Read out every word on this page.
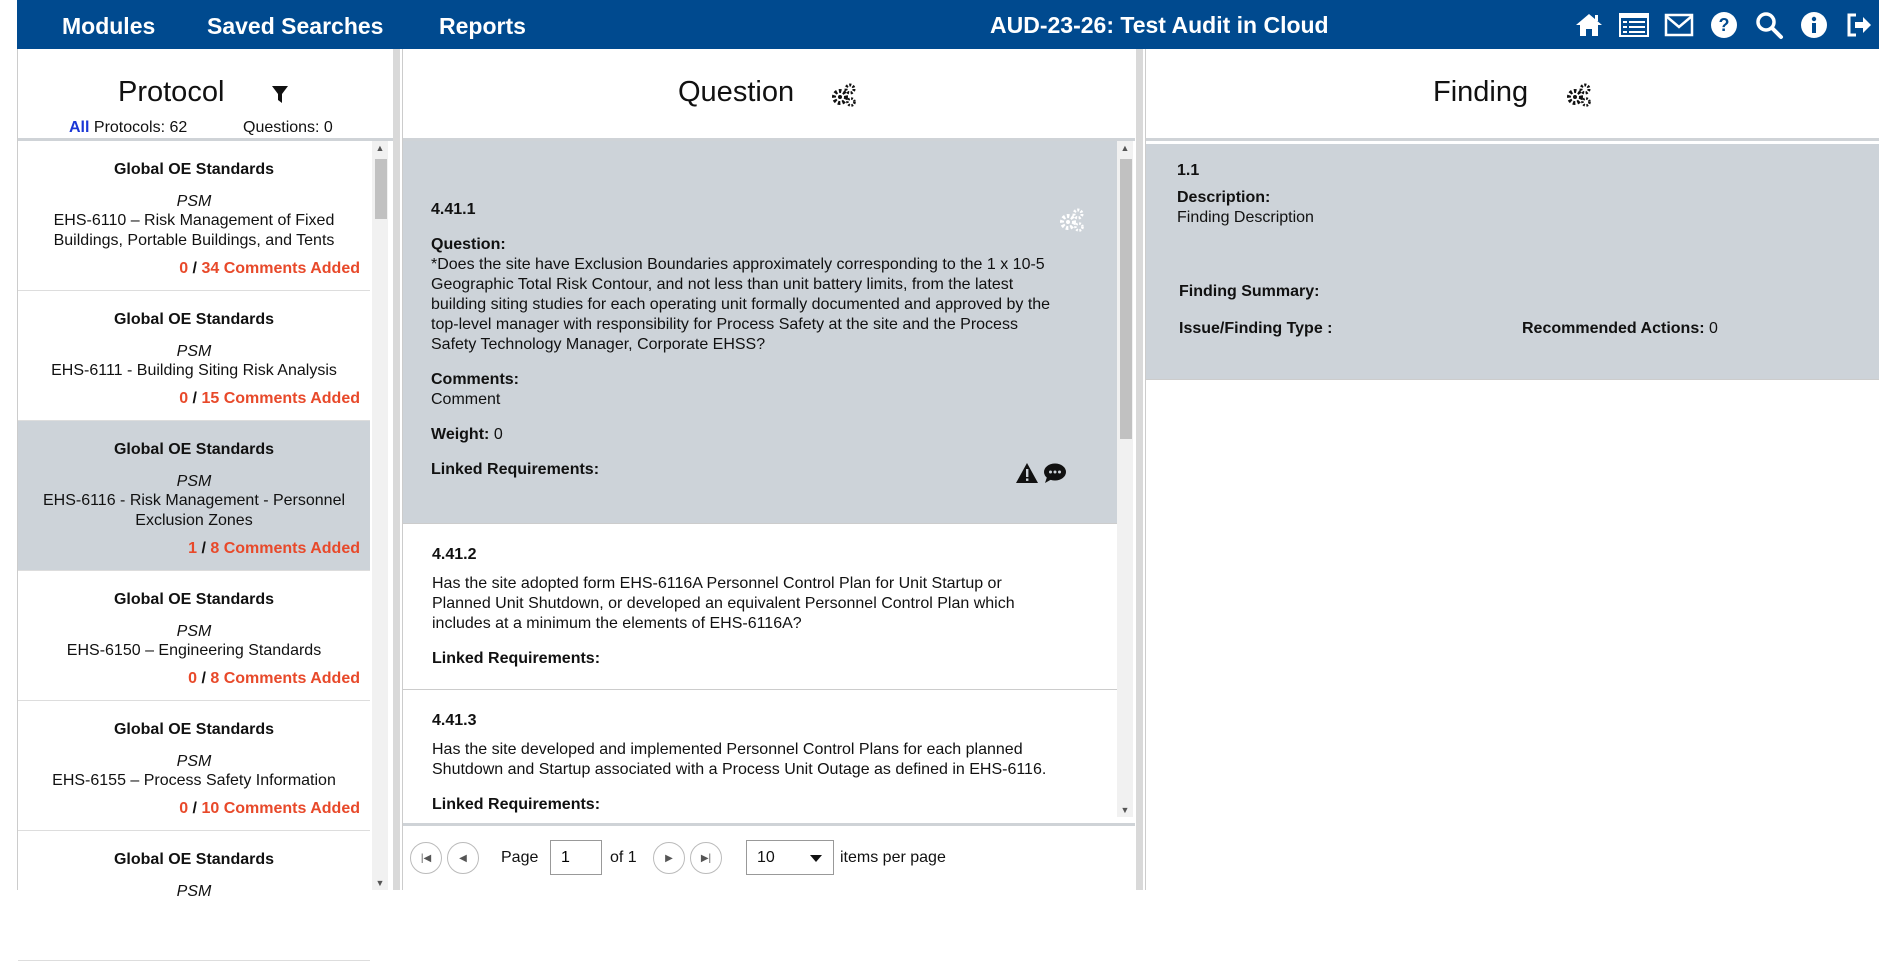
Modules Saved Searches Reports	AUD-23-26: Test Audit in Cloud	?
Protocol
All Protocols: 62	Questions: 0
Global OE Standards
PSM
EHS-6110 – Risk Management of Fixed Buildings, Portable Buildings, and Tents
0 / 34 Comments Added
Global OE Standards
PSM
EHS-6111 - Building Siting Risk Analysis
0 / 15 Comments Added
Global OE Standards
PSM
EHS-6116 - Risk Management - Personnel Exclusion Zones
1 / 8 Comments Added
Global OE Standards
PSM
EHS-6150 – Engineering Standards
0 / 8 Comments Added
Global OE Standards
PSM
EHS-6155 – Process Safety Information
0 / 10 Comments Added
Global OE Standards
PSM
▲
▼
Question
4.41.1
Question:
*Does the site have Exclusion Boundaries approximately corresponding to the 1 x 10-5 Geographic Total Risk Contour, and not less than unit battery limits, from the latest building siting studies for each operating unit formally documented and approved by the top-level manager with responsibility for Process Safety at the site and the Process Safety Technology Manager, Corporate EHSS?
Comments:
Comment
Weight: 0
Linked Requirements:
4.41.2
Has the site adopted form EHS-6116A Personnel Control Plan for Unit Startup or Planned Unit Shutdown, or developed an equivalent Personnel Control Plan which includes at a minimum the elements of EHS-6116A?
Linked Requirements:
4.41.3
Has the site developed and implemented Personnel Control Plans for each planned Shutdown and Startup associated with a Process Unit Outage as defined in EHS-6116.
Linked Requirements:
▲
▼
|◀	◀	Page
1	of 1	▶	▶|	10	items per page
Finding
1.1
Description:
Finding Description
Finding Summary:
Issue/Finding Type :	Recommended Actions: 0
